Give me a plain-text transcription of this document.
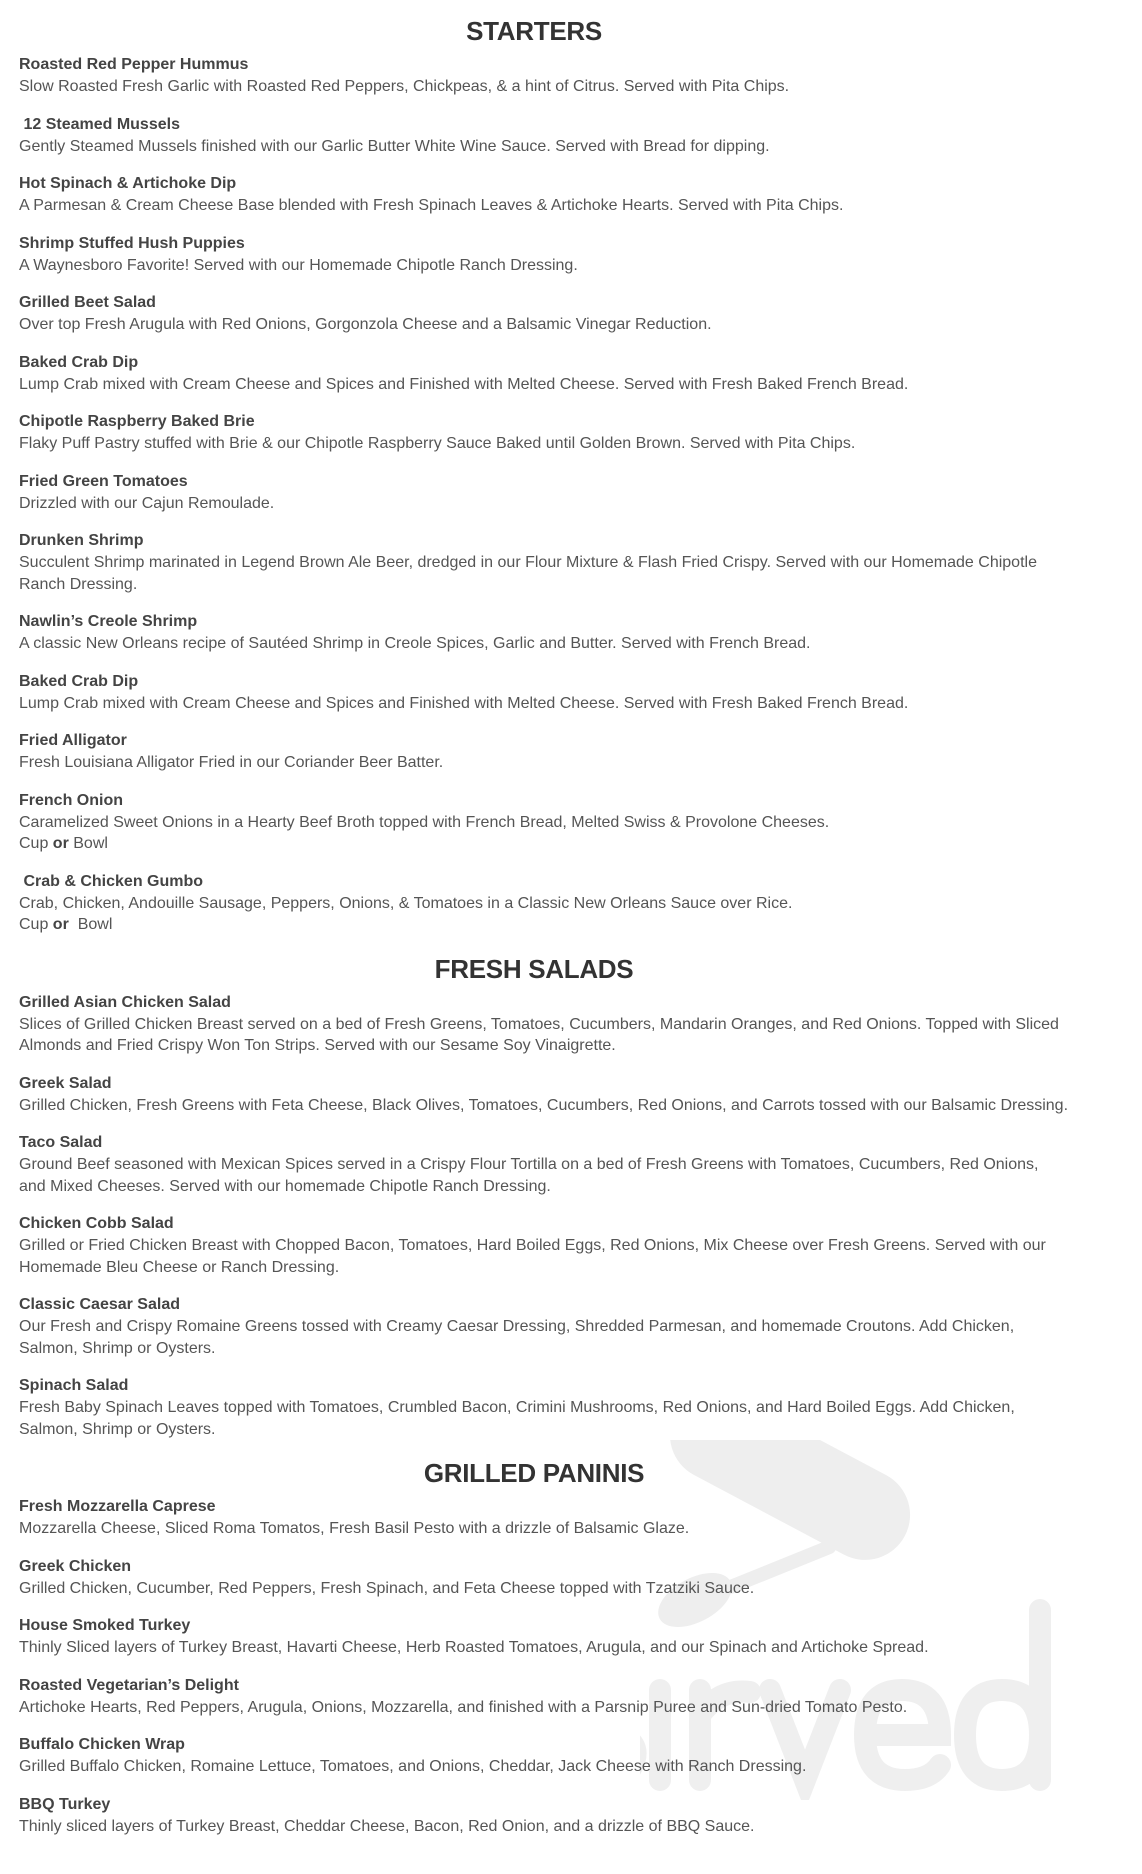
STARTERS
Roasted Red Pepper Hummus
Slow Roasted Fresh Garlic with Roasted Red Peppers, Chickpeas, & a hint of Citrus. Served with Pita Chips.
12 Steamed Mussels
Gently Steamed Mussels finished with our Garlic Butter White Wine Sauce. Served with Bread for dipping.
Hot Spinach & Artichoke Dip
A Parmesan & Cream Cheese Base blended with Fresh Spinach Leaves & Artichoke Hearts. Served with Pita Chips.
Shrimp Stuffed Hush Puppies
A Waynesboro Favorite! Served with our Homemade Chipotle Ranch Dressing.
Grilled Beet Salad
Over top Fresh Arugula with Red Onions, Gorgonzola Cheese and a Balsamic Vinegar Reduction.
Baked Crab Dip
Lump Crab mixed with Cream Cheese and Spices and Finished with Melted Cheese. Served with Fresh Baked French Bread.
Chipotle Raspberry Baked Brie
Flaky Puff Pastry stuffed with Brie & our Chipotle Raspberry Sauce Baked until Golden Brown. Served with Pita Chips.
Fried Green Tomatoes
Drizzled with our Cajun Remoulade.
Drunken Shrimp
Succulent Shrimp marinated in Legend Brown Ale Beer, dredged in our Flour Mixture & Flash Fried Crispy. Served with our Homemade Chipotle Ranch Dressing.
Nawlin’s Creole Shrimp
A classic New Orleans recipe of Sautéed Shrimp in Creole Spices, Garlic and Butter. Served with French Bread.
Baked Crab Dip
Lump Crab mixed with Cream Cheese and Spices and Finished with Melted Cheese. Served with Fresh Baked French Bread.
Fried Alligator
Fresh Louisiana Alligator Fried in our Coriander Beer Batter.
French Onion
Caramelized Sweet Onions in a Hearty Beef Broth topped with French Bread, Melted Swiss & Provolone Cheeses.
Cup or Bowl
Crab & Chicken Gumbo
Crab, Chicken, Andouille Sausage, Peppers, Onions, & Tomatoes in a Classic New Orleans Sauce over Rice.
Cup or  Bowl
FRESH SALADS
Grilled Asian Chicken Salad
Slices of Grilled Chicken Breast served on a bed of Fresh Greens, Tomatoes, Cucumbers, Mandarin Oranges, and Red Onions. Topped with Sliced Almonds and Fried Crispy Won Ton Strips. Served with our Sesame Soy Vinaigrette.
Greek Salad
Grilled Chicken, Fresh Greens with Feta Cheese, Black Olives, Tomatoes, Cucumbers, Red Onions, and Carrots tossed with our Balsamic Dressing.
Taco Salad
Ground Beef seasoned with Mexican Spices served in a Crispy Flour Tortilla on a bed of Fresh Greens with Tomatoes, Cucumbers, Red Onions, and Mixed Cheeses. Served with our homemade Chipotle Ranch Dressing.
Chicken Cobb Salad
Grilled or Fried Chicken Breast with Chopped Bacon, Tomatoes, Hard Boiled Eggs, Red Onions, Mix Cheese over Fresh Greens. Served with our Homemade Bleu Cheese or Ranch Dressing.
Classic Caesar Salad
Our Fresh and Crispy Romaine Greens tossed with Creamy Caesar Dressing, Shredded Parmesan, and homemade Croutons. Add Chicken, Salmon, Shrimp or Oysters.
Spinach Salad
Fresh Baby Spinach Leaves topped with Tomatoes, Crumbled Bacon, Crimini Mushrooms, Red Onions, and Hard Boiled Eggs. Add Chicken, Salmon, Shrimp or Oysters.
GRILLED PANINIS
Fresh Mozzarella Caprese
Mozzarella Cheese, Sliced Roma Tomatos, Fresh Basil Pesto with a drizzle of Balsamic Glaze.
Greek Chicken
Grilled Chicken, Cucumber, Red Peppers, Fresh Spinach, and Feta Cheese topped with Tzatziki Sauce.
House Smoked Turkey
Thinly Sliced layers of Turkey Breast, Havarti Cheese, Herb Roasted Tomatoes, Arugula, and our Spinach and Artichoke Spread.
Roasted Vegetarian’s Delight
Artichoke Hearts, Red Peppers, Arugula, Onions, Mozzarella, and finished with a Parsnip Puree and Sun-dried Tomato Pesto.
Buffalo Chicken Wrap
Grilled Buffalo Chicken, Romaine Lettuce, Tomatoes, and Onions, Cheddar, Jack Cheese with Ranch Dressing.
BBQ Turkey
Thinly sliced layers of Turkey Breast, Cheddar Cheese, Bacon, Red Onion, and a drizzle of BBQ Sauce.
